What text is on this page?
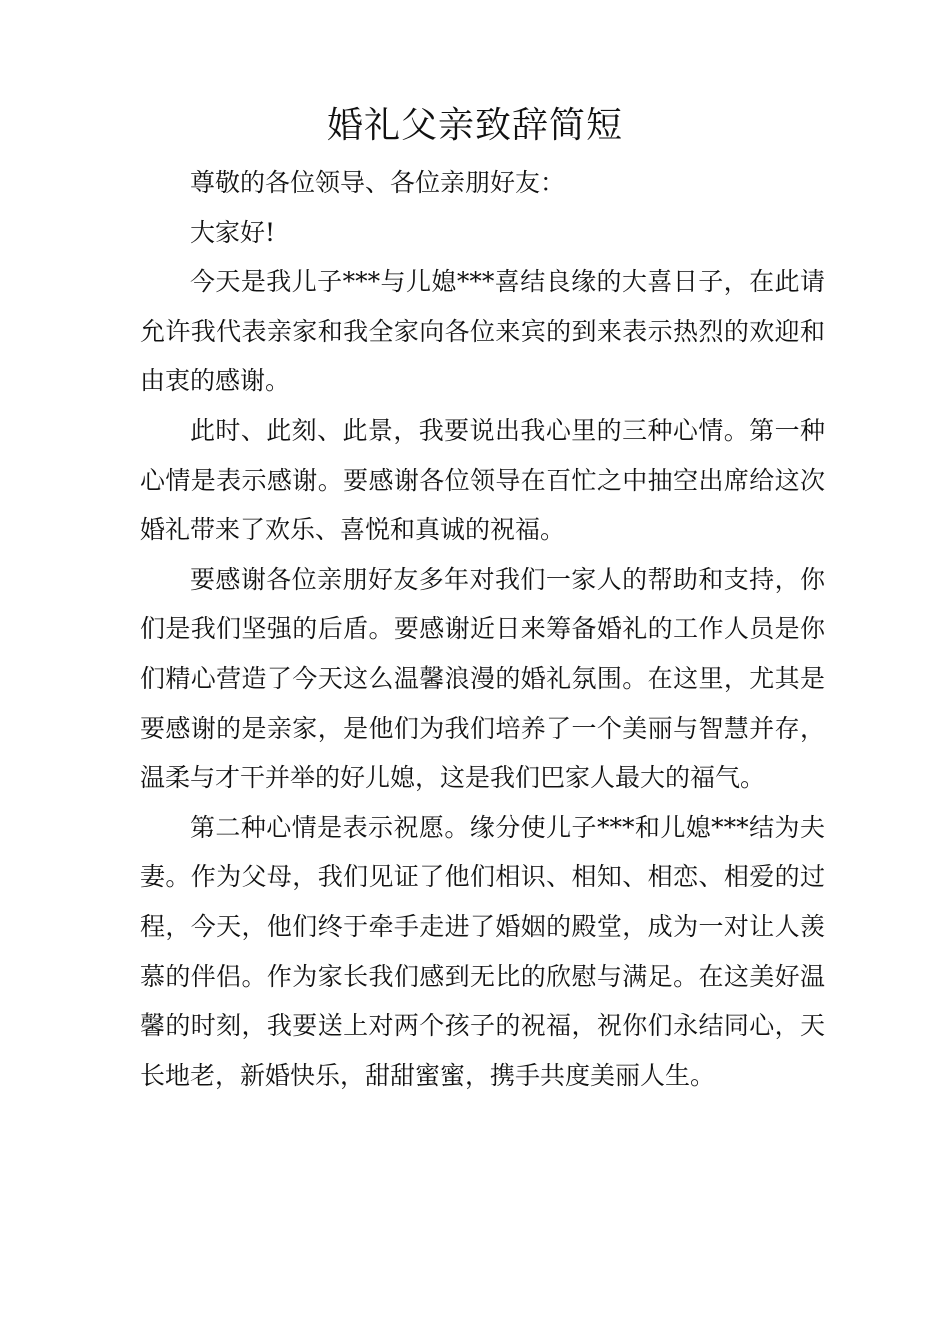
婚礼父亲致辞简短

尊敬的各位领导、各位亲朋好友：

大家好!

今天是我儿子***与儿媳***喜结良缘的大喜日子，在此请允许我代表亲家和我全家向各位来宾的到来表示热烈的欢迎和由衷的感谢。

此时、此刻、此景，我要说出我心里的三种心情。第一种心情是表示感谢。要感谢各位领导在百忙之中抽空出席给这次婚礼带来了欢乐、喜悦和真诚的祝福。

要感谢各位亲朋好友多年对我们一家人的帮助和支持，你们是我们坚强的后盾。要感谢近日来筹备婚礼的工作人员是你们精心营造了今天这么温馨浪漫的婚礼氛围。在这里，尤其是要感谢的是亲家，是他们为我们培养了一个美丽与智慧并存，温柔与才干并举的好儿媳，这是我们巴家人最大的福气。

第二种心情是表示祝愿。缘分使儿子***和儿媳***结为夫妻。作为父母，我们见证了他们相识、相知、相恋、相爱的过程，今天，他们终于牵手走进了婚姻的殿堂，成为一对让人羡慕的伴侣。作为家长我们感到无比的欣慰与满足。在这美好温馨的时刻，我要送上对两个孩子的祝福，祝你们永结同心，天长地老，新婚快乐，甜甜蜜蜜，携手共度美丽人生。
